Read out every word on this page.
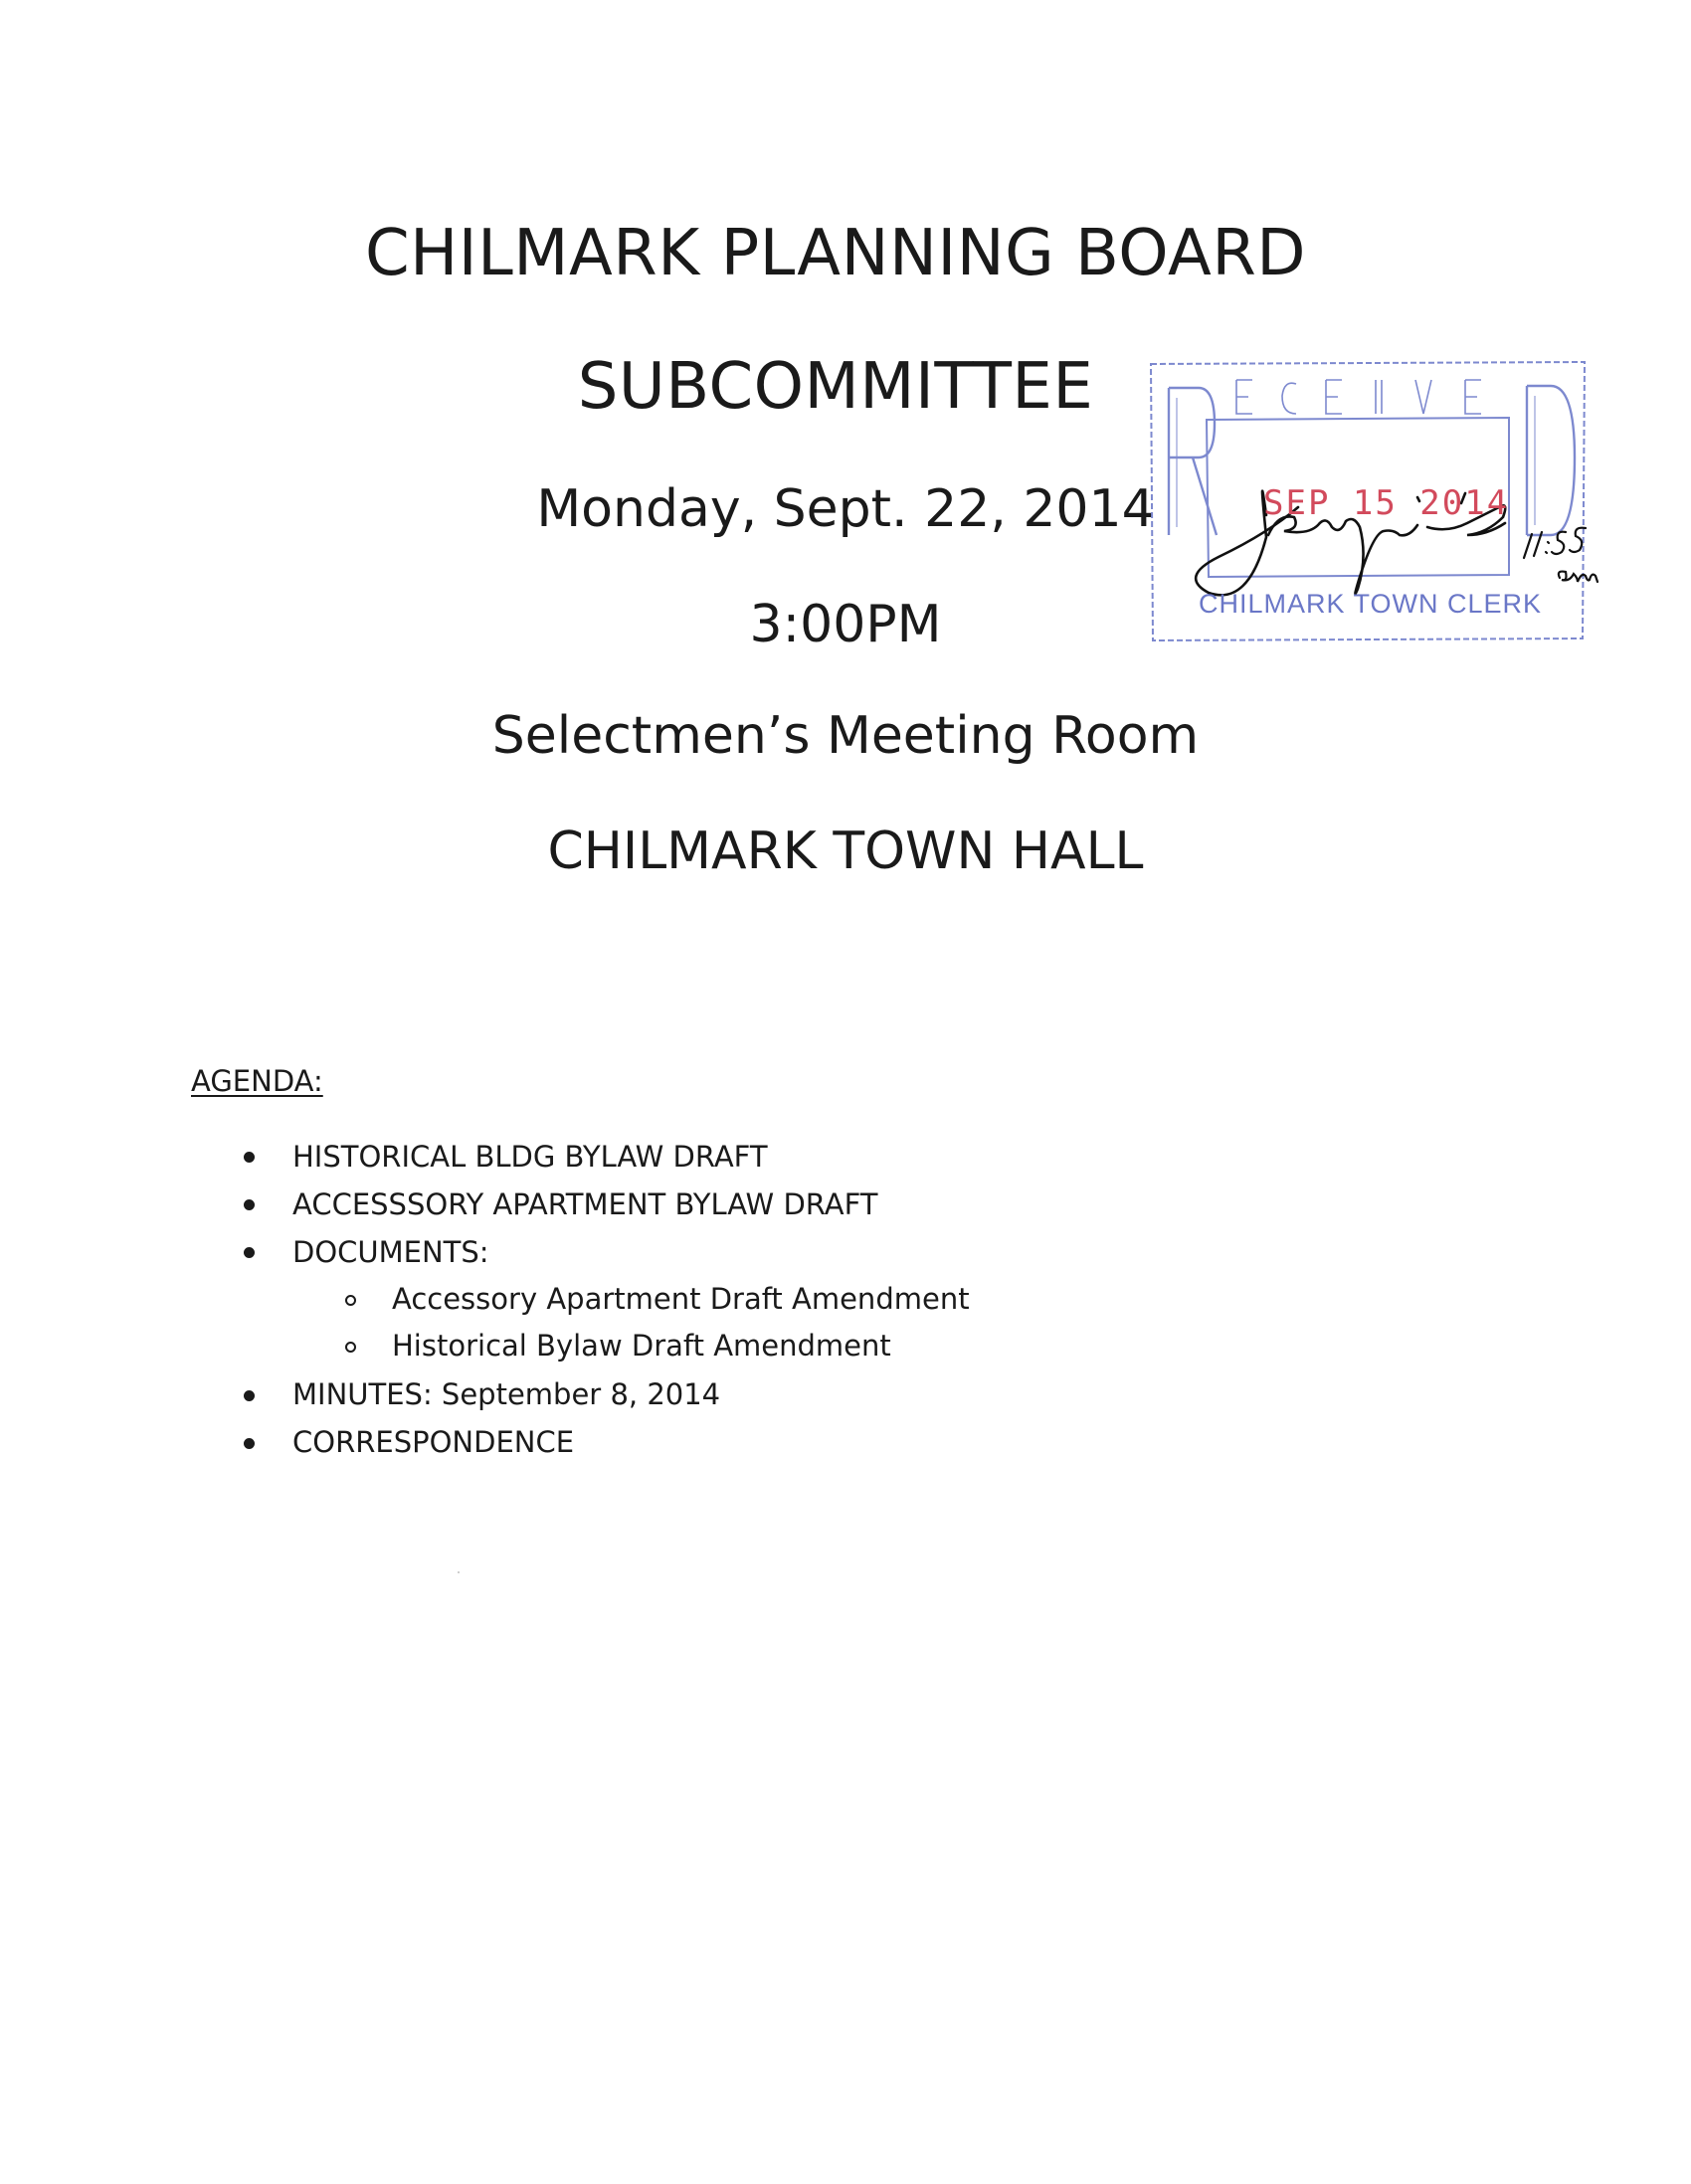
CHILMARK PLANNING BOARD
SUBCOMMITTEE
Monday, Sept. 22, 2014
3:00PM
Selectmen’s Meeting Room
CHILMARK TOWN HALL
AGENDA:
HISTORICAL BLDG BYLAW DRAFT
ACCESSSORY APARTMENT BYLAW DRAFT
DOCUMENTS:
Accessory Apartment Draft Amendment
Historical Bylaw Draft Amendment
MINUTES: September 8, 2014
CORRESPONDENCE
SEP 15 2014
CHILMARK TOWN CLERK
